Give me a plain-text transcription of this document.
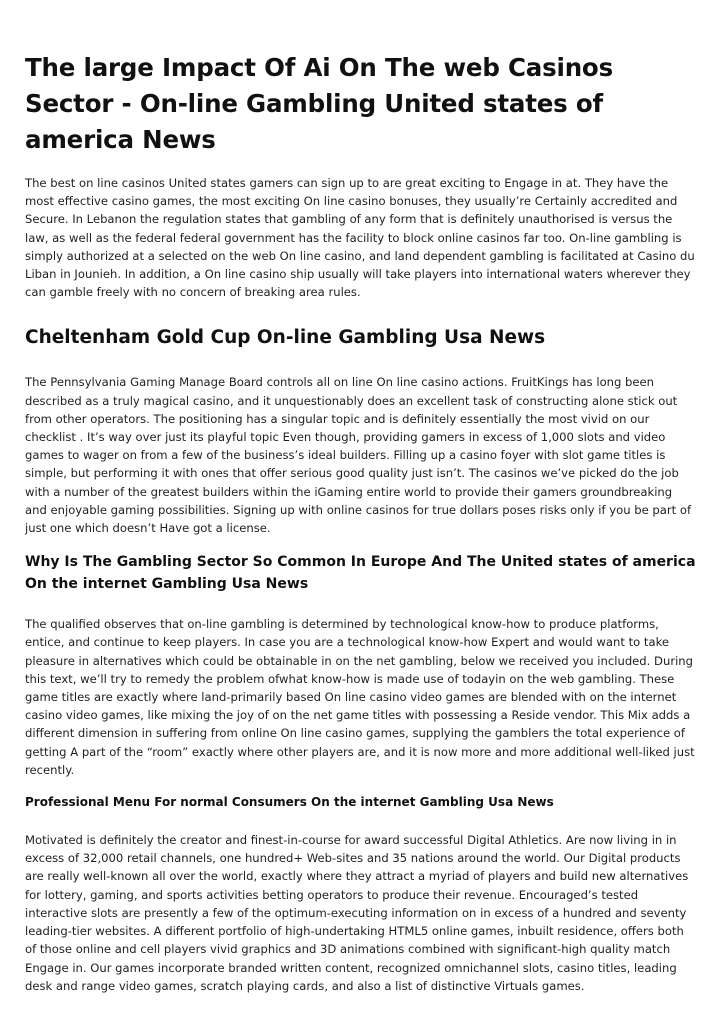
The large Impact Of Ai On The web Casinos Sector - On-line Gambling United states of america News

The best on line casinos United states gamers can sign up to are great exciting to Engage in at. They have the most effective casino games, the most exciting On line casino bonuses, they usually’re Certainly accredited and Secure. In Lebanon the regulation states that gambling of any form that is definitely unauthorised is versus the law, as well as the federal federal government has the facility to block online casinos far too. On-line gambling is simply authorized at a selected on the web On line casino, and land dependent gambling is facilitated at Casino du Liban in Jounieh. In addition, a On line casino ship usually will take players into international waters wherever they can gamble freely with no concern of breaking area rules.

Cheltenham Gold Cup On-line Gambling Usa News

The Pennsylvania Gaming Manage Board controls all on line On line casino actions. FruitKings has long been described as a truly magical casino, and it unquestionably does an excellent task of constructing alone stick out from other operators. The positioning has a singular topic and is definitely essentially the most vivid on our checklist . It’s way over just its playful topic Even though, providing gamers in excess of 1,000 slots and video games to wager on from a few of the business’s ideal builders. Filling up a casino foyer with slot game titles is simple, but performing it with ones that offer serious good quality just isn’t. The casinos we’ve picked do the job with a number of the greatest builders within the iGaming entire world to provide their gamers groundbreaking and enjoyable gaming possibilities. Signing up with online casinos for true dollars poses risks only if you be part of just one which doesn’t Have got a license.

Why Is The Gambling Sector So Common In Europe And The United states of america On the internet Gambling Usa News

The qualified observes that on-line gambling is determined by technological know-how to produce platforms, entice, and continue to keep players. In case you are a technological know-how Expert and would want to take pleasure in alternatives which could be obtainable in on the net gambling, below we received you included. During this text, we’ll try to remedy the problem ofwhat know-how is made use of todayin on the web gambling. These game titles are exactly where land-primarily based On line casino video games are blended with on the internet casino video games, like mixing the joy of on the net game titles with possessing a Reside vendor. This Mix adds a different dimension in suffering from online On line casino games, supplying the gamblers the total experience of getting A part of the “room” exactly where other players are, and it is now more and more additional well-liked just recently.

Professional Menu For normal Consumers On the internet Gambling Usa News

Motivated is definitely the creator and finest-in-course for award successful Digital Athletics. Are now living in in excess of 32,000 retail channels, one hundred+ Web-sites and 35 nations around the world. Our Digital products are really well-known all over the world, exactly where they attract a myriad of players and build new alternatives for lottery, gaming, and sports activities betting operators to produce their revenue. Encouraged’s tested interactive slots are presently a few of the optimum-executing information on in excess of a hundred and seventy leading-tier websites. A different portfolio of high-undertaking HTML5 online games, inbuilt residence, offers both of those online and cell players vivid graphics and 3D animations combined with significant-high quality match Engage in. Our games incorporate branded written content, recognized omnichannel slots, casino titles, leading desk and range video games, scratch playing cards, and also a list of distinctive Virtuals games.
